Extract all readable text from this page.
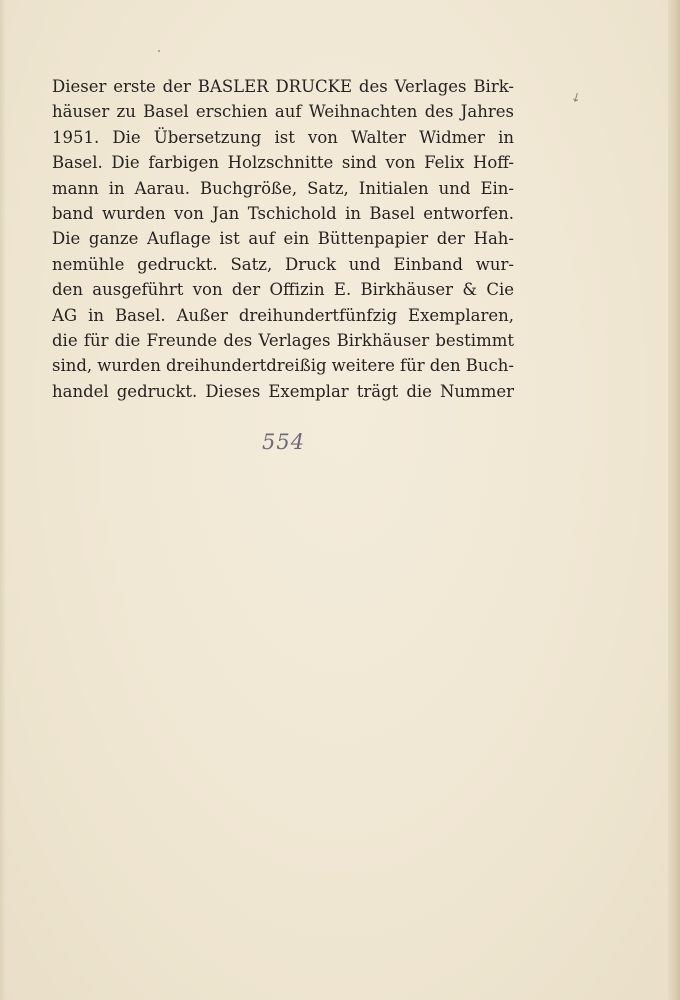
↙

Dieser erste der BASLER DRUCKE des Verlages Birk-
häuser zu Basel erschien auf Weihnachten des Jahres
1951. Die Übersetzung ist von Walter Widmer in
Basel. Die farbigen Holzschnitte sind von Felix Hoff-
mann in Aarau. Buchgröße, Satz, Initialen und Ein-
band wurden von Jan Tschichold in Basel entworfen.
Die ganze Auflage ist auf ein Büttenpapier der Hah-
nemühle gedruckt. Satz, Druck und Einband wur-
den ausgeführt von der Offizin E. Birkhäuser & Cie
AG in Basel. Außer dreihundertfünfzig Exemplaren,
die für die Freunde des Verlages Birkhäuser bestimmt
sind, wurden dreihundertdreißig weitere für den Buch-
handel gedruckt. Dieses Exemplar trägt die Nummer

554
